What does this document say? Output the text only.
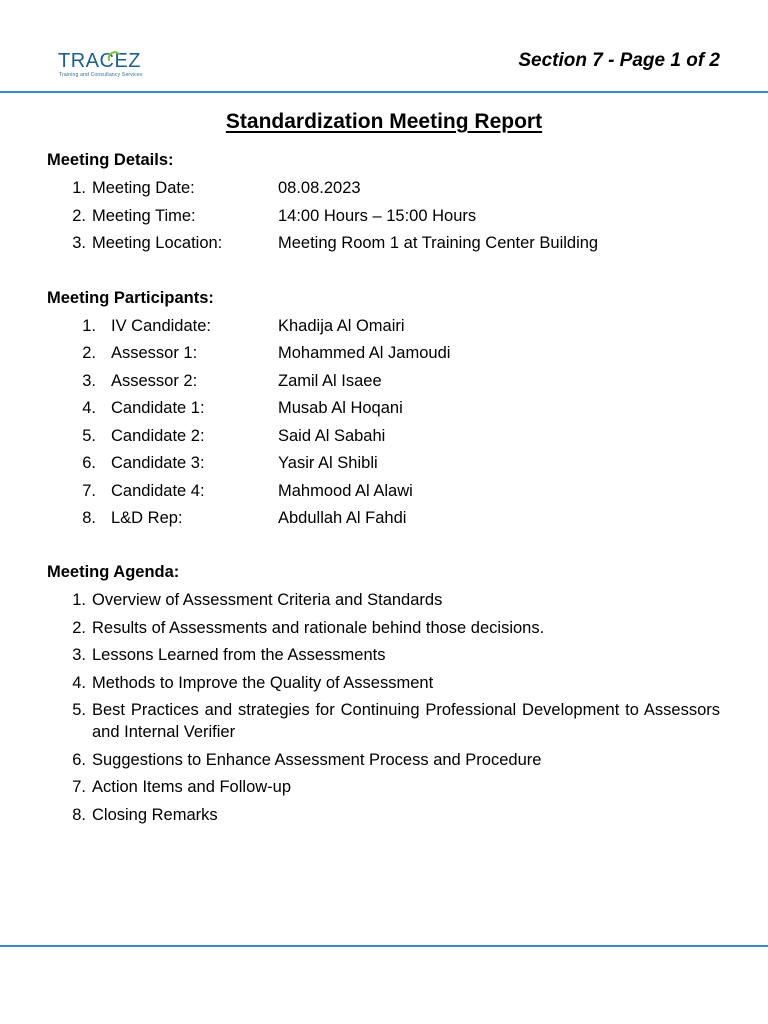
TRACEZ
Training and Consultancy Services
Section 7 - Page 1 of 2
Standardization Meeting Report
Meeting Details:
1. Meeting Date:	08.08.2023
2. Meeting Time:	14:00 Hours – 15:00 Hours
3. Meeting Location:	Meeting Room 1 at Training Center Building
Meeting Participants:
1. IV Candidate:	Khadija Al Omairi
2. Assessor 1:	Mohammed Al Jamoudi
3. Assessor 2:	Zamil Al Isaee
4. Candidate 1:	Musab Al Hoqani
5. Candidate 2:	Said Al Sabahi
6. Candidate 3:	Yasir Al Shibli
7. Candidate 4:	Mahmood Al Alawi
8. L&D Rep:	Abdullah Al Fahdi
Meeting Agenda:
1. Overview of Assessment Criteria and Standards
2. Results of Assessments and rationale behind those decisions.
3. Lessons Learned from the Assessments
4. Methods to Improve the Quality of Assessment
5. Best Practices and strategies for Continuing Professional Development to Assessors and Internal Verifier
6. Suggestions to Enhance Assessment Process and Procedure
7. Action Items and Follow-up
8. Closing Remarks
